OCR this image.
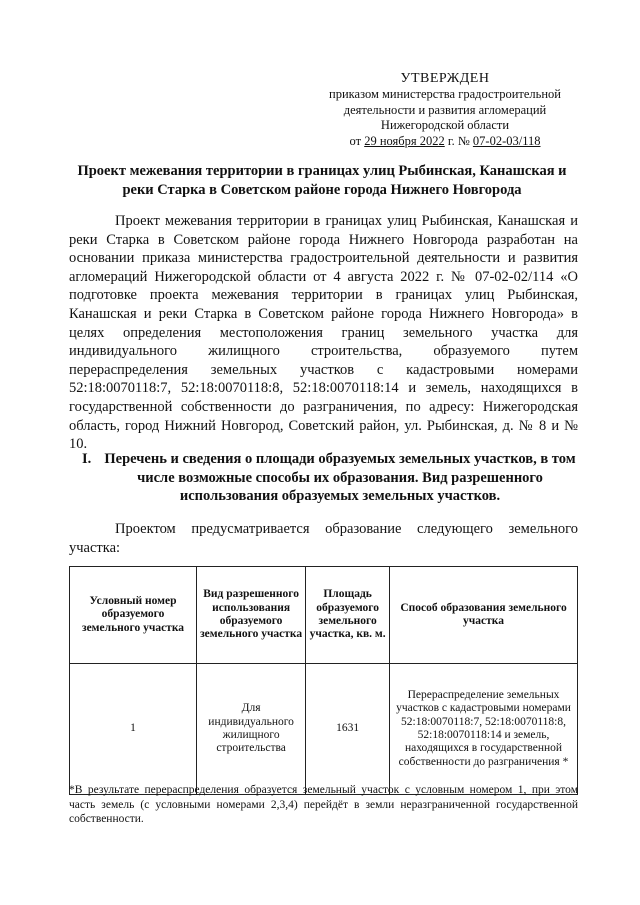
УТВЕРЖДЕН
приказом министерства градостроительной
деятельности и развития агломераций
Нижегородской области
от 29 ноября 2022 г. № 07-02-03/118
Проект межевания территории в границах улиц Рыбинская, Канашская и
реки Старка в Советском районе города Нижнего Новгорода

Проект межевания территории в границах улиц Рыбинская, Канашская и реки Старка в Советском районе города Нижнего Новгорода разработан на основании приказа министерства градостроительной деятельности и развития агломераций Нижегородской области от 4 августа 2022 г. № 07-02-02/114 «О подготовке проекта межевания территории в границах улиц Рыбинская, Канашская и реки Старка в Советском районе города Нижнего Новгорода» в целях определения местоположения границ земельного участка для индивидуального жилищного строительства, образуемого путем перераспределения земельных участков с кадастровыми номерами 52:18:0070118:7, 52:18:0070118:8, 52:18:0070118:14 и земель, находящихся в государственной собственности до разграничения, по адресу: Нижегородская область, город Нижний Новгород, Советский район, ул. Рыбинская, д. № 8 и № 10.

I. Перечень и сведения о площади образуемых земельных участков, в том
числе возможные способы их образования. Вид разрешенного
использования образуемых земельных участков.

Проектом предусматривается образование следующего земельного участка:

Условный номер образуемого земельного участка	Вид разрешенного использования образуемого земельного участка	Площадь образуемого земельного участка, кв. м.	Способ образования земельного участка
1	Для индивидуального жилищного строительства	1631	Перераспределение земельных участков с кадастровыми номерами 52:18:0070118:7, 52:18:0070118:8, 52:18:0070118:14 и земель, находящихся в государственной собственности до разграничения *
*В результате перераспределения образуется земельный участок с условным номером 1, при этом часть земель (с условными номерами 2,3,4) перейдёт в земли неразграниченной государственной собственности.
